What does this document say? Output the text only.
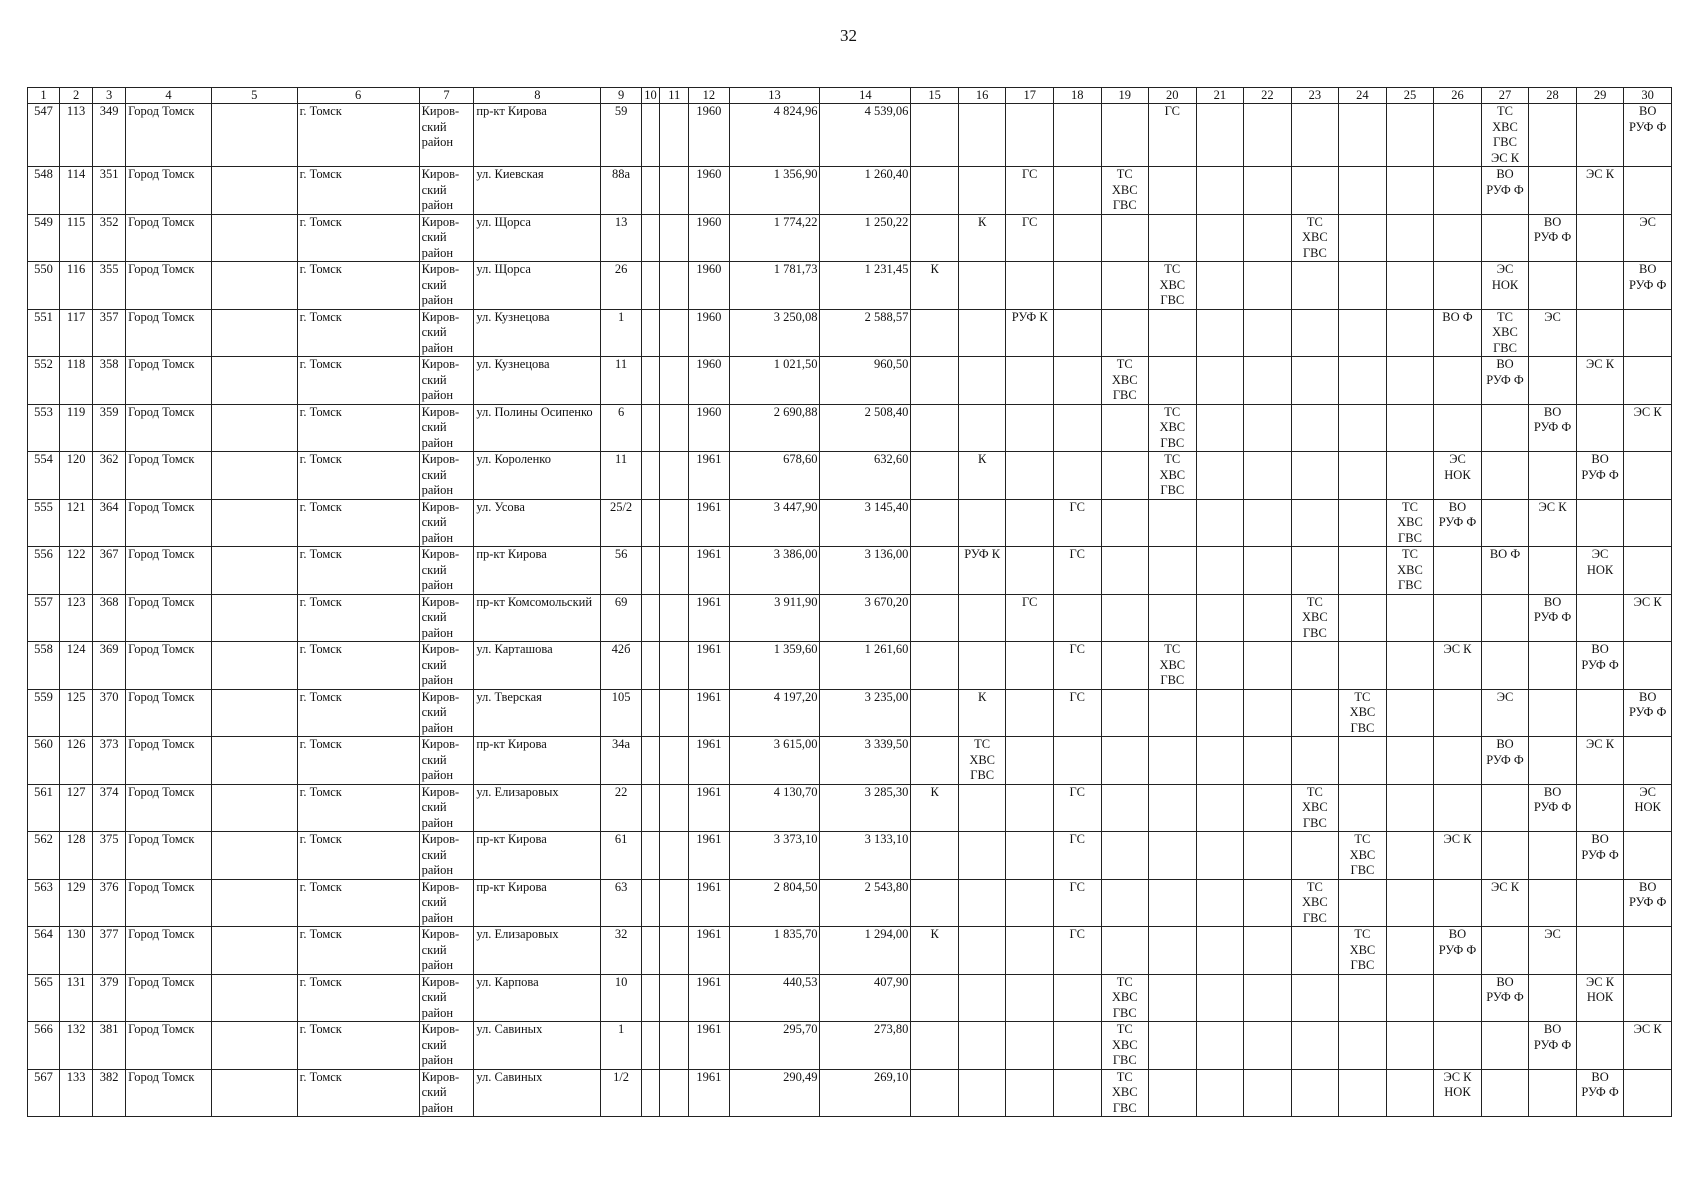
32
1	2	3	4	5	6	7	8	9	10	11	12	13	14	15	16	17	18	19	20	21	22	23	24	25	26	27	28	29	30
547	113	349	Город Томск		г. Томск	Киров-
ский
район	пр-кт Кирова	59			1960	4 824,96	4 539,06						ГС							ТС
ХВС
ГВС
ЭС К			ВО
РУФ Ф
548	114	351	Город Томск		г. Томск	Киров-
ский
район	ул. Киевская	88а			1960	1 356,90	1 260,40			ГС		ТС
ХВС
ГВС								ВО
РУФ Ф		ЭС К	
549	115	352	Город Томск		г. Томск	Киров-
ский
район	ул. Щорса	13			1960	1 774,22	1 250,22		К	ГС						ТС
ХВС
ГВС					ВО
РУФ Ф		ЭС
550	116	355	Город Томск		г. Томск	Киров-
ский
район	ул. Щорса	26			1960	1 781,73	1 231,45	К					ТС
ХВС
ГВС							ЭС
НОК			ВО
РУФ Ф
551	117	357	Город Томск		г. Томск	Киров-
ский
район	ул. Кузнецова	1			1960	3 250,08	2 588,57			РУФ К									ВО Ф	ТС
ХВС
ГВС	ЭС		
552	118	358	Город Томск		г. Томск	Киров-
ский
район	ул. Кузнецова	11			1960	1 021,50	960,50					ТС
ХВС
ГВС								ВО
РУФ Ф		ЭС К	
553	119	359	Город Томск		г. Томск	Киров-
ский
район	ул. Полины Осипенко	6			1960	2 690,88	2 508,40						ТС
ХВС
ГВС								ВО
РУФ Ф		ЭС К
554	120	362	Город Томск		г. Томск	Киров-
ский
район	ул. Короленко	11			1961	678,60	632,60		К				ТС
ХВС
ГВС						ЭС
НОК			ВО
РУФ Ф	
555	121	364	Город Томск		г. Томск	Киров-
ский
район	ул. Усова	25/2			1961	3 447,90	3 145,40				ГС							ТС
ХВС
ГВС	ВО
РУФ Ф		ЭС К		
556	122	367	Город Томск		г. Томск	Киров-
ский
район	пр-кт Кирова	56			1961	3 386,00	3 136,00		РУФ К		ГС							ТС
ХВС
ГВС		ВО Ф		ЭС
НОК	
557	123	368	Город Томск		г. Томск	Киров-
ский
район	пр-кт Комсомольский	69			1961	3 911,90	3 670,20			ГС						ТС
ХВС
ГВС					ВО
РУФ Ф		ЭС К
558	124	369	Город Томск		г. Томск	Киров-
ский
район	ул. Карташова	42б			1961	1 359,60	1 261,60				ГС		ТС
ХВС
ГВС						ЭС К			ВО
РУФ Ф	
559	125	370	Город Томск		г. Томск	Киров-
ский
район	ул. Тверская	105			1961	4 197,20	3 235,00		К		ГС						ТС
ХВС
ГВС			ЭС			ВО
РУФ Ф
560	126	373	Город Томск		г. Томск	Киров-
ский
район	пр-кт Кирова	34а			1961	3 615,00	3 339,50		ТС
ХВС
ГВС											ВО
РУФ Ф		ЭС К	
561	127	374	Город Томск		г. Томск	Киров-
ский
район	ул. Елизаровых	22			1961	4 130,70	3 285,30	К			ГС					ТС
ХВС
ГВС					ВО
РУФ Ф		ЭС
НОК
562	128	375	Город Томск		г. Томск	Киров-
ский
район	пр-кт Кирова	61			1961	3 373,10	3 133,10				ГС						ТС
ХВС
ГВС		ЭС К			ВО
РУФ Ф	
563	129	376	Город Томск		г. Томск	Киров-
ский
район	пр-кт Кирова	63			1961	2 804,50	2 543,80				ГС					ТС
ХВС
ГВС				ЭС К			ВО
РУФ Ф
564	130	377	Город Томск		г. Томск	Киров-
ский
район	ул. Елизаровых	32			1961	1 835,70	1 294,00	К			ГС						ТС
ХВС
ГВС		ВО
РУФ Ф		ЭС		
565	131	379	Город Томск		г. Томск	Киров-
ский
район	ул. Карпова	10			1961	440,53	407,90					ТС
ХВС
ГВС								ВО
РУФ Ф		ЭС К
НОК	
566	132	381	Город Томск		г. Томск	Киров-
ский
район	ул. Савиных	1			1961	295,70	273,80					ТС
ХВС
ГВС									ВО
РУФ Ф		ЭС К
567	133	382	Город Томск		г. Томск	Киров-
ский
район	ул. Савиных	1/2			1961	290,49	269,10					ТС
ХВС
ГВС							ЭС К
НОК			ВО
РУФ Ф	
